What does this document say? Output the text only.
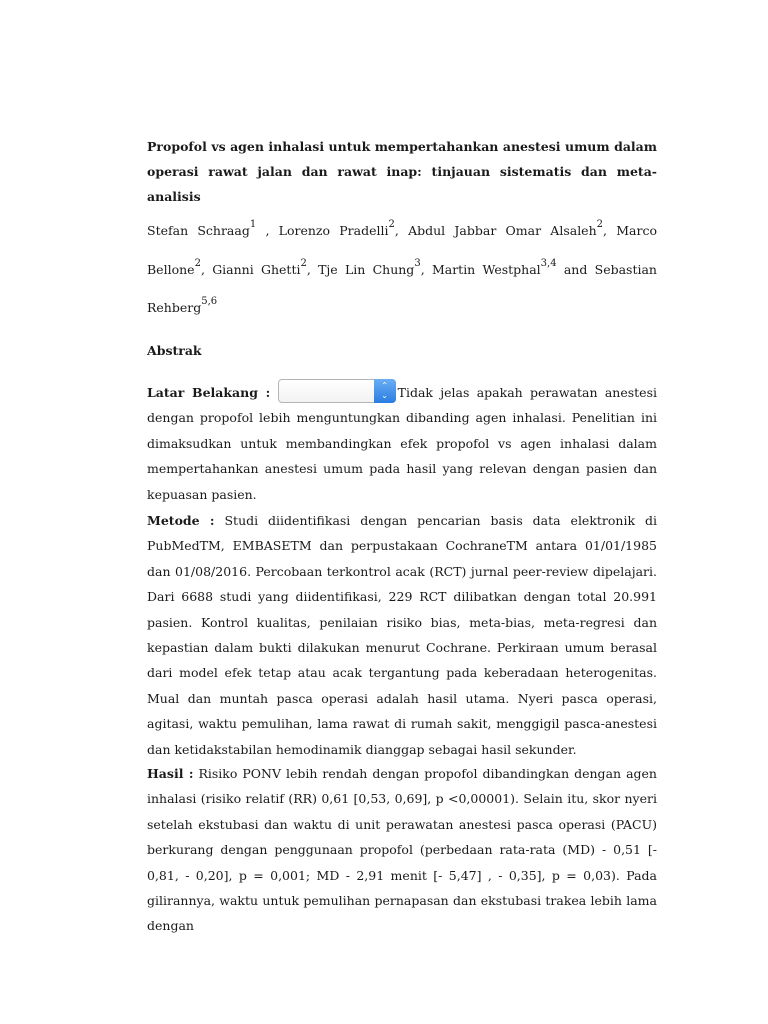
Propofol vs agen inhalasi untuk mempertahankan anestesi umum dalam
operasi rawat jalan dan rawat inap: tinjauan sistematis dan meta-analisis

Stefan Schraag$^1$ , Lorenzo Pradelli$^2$, Abdul Jabbar Omar Alsaleh$^2$, Marco Bellone$^2$, Gianni Ghetti$^2$, Tje Lin Chung$^3$, Martin Westphal$^{3,4}$ and Sebastian Rehberg$^{5,6}$

Abstrak

Latar Belakang :	⌃
⌄ Tidak jelas apakah perawatan anestesi dengan propofol lebih menguntungkan dibanding agen inhalasi. Penelitian ini dimaksudkan untuk membandingkan efek propofol vs agen inhalasi dalam mempertahankan anestesi umum pada hasil yang relevan dengan pasien dan kepuasan pasien.

Metode : Studi diidentifikasi dengan pencarian basis data elektronik di PubMedTM, EMBASETM dan perpustakaan CochraneTM antara 01/01/1985 dan 01/08/2016. Percobaan terkontrol acak (RCT) jurnal peer-review dipelajari. Dari 6688 studi yang diidentifikasi, 229 RCT dilibatkan dengan total 20.991 pasien. Kontrol kualitas, penilaian risiko bias, meta-bias, meta-regresi dan kepastian dalam bukti dilakukan menurut Cochrane. Perkiraan umum berasal dari model efek tetap atau acak tergantung pada keberadaan heterogenitas. Mual dan muntah pasca operasi adalah hasil utama. Nyeri pasca operasi, agitasi, waktu pemulihan, lama rawat di rumah sakit, menggigil pasca-anestesi dan ketidakstabilan hemodinamik dianggap sebagai hasil sekunder.

Hasil : Risiko PONV lebih rendah dengan propofol dibandingkan dengan agen inhalasi (risiko relatif (RR) 0,61 [0,53, 0,69], p <0,00001). Selain itu, skor nyeri setelah ekstubasi dan waktu di unit perawatan anestesi pasca operasi (PACU) berkurang dengan penggunaan propofol (perbedaan rata-rata (MD) - 0,51 [- 0,81, - 0,20], p = 0,001; MD - 2,91 menit [- 5,47] , - 0,35], p = 0,03). Pada gilirannya, waktu untuk pemulihan pernapasan dan ekstubasi trakea lebih lama dengan
